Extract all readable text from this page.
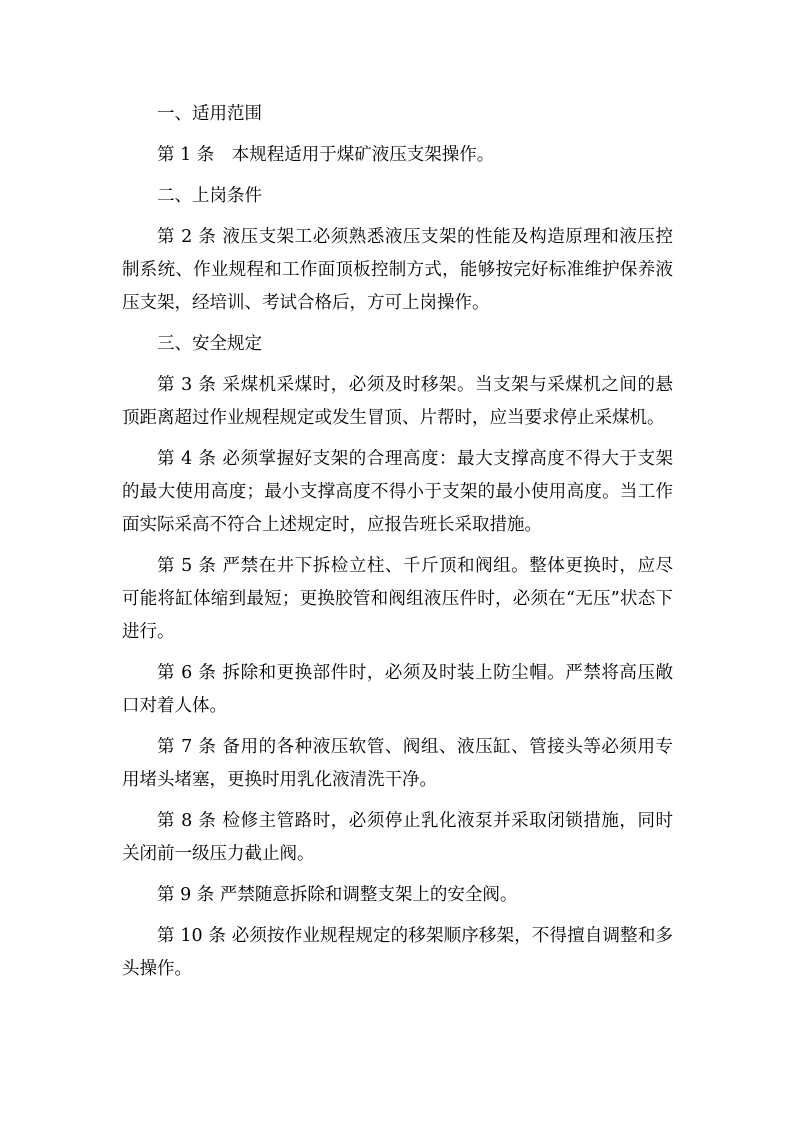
一、适用范围

第 1 条　本规程适用于煤矿液压支架操作。

二、上岗条件

第 2 条 液压支架工必须熟悉液压支架的性能及构造原理和液压控制系统、作业规程和工作面顶板控制方式，能够按完好标准维护保养液压支架，经培训、考试合格后，方可上岗操作。

三、安全规定

第 3 条 采煤机采煤时，必须及时移架。当支架与采煤机之间的悬顶距离超过作业规程规定或发生冒顶、片帮时，应当要求停止采煤机。

第 4 条 必须掌握好支架的合理高度：最大支撑高度不得大于支架的最大使用高度；最小支撑高度不得小于支架的最小使用高度。当工作面实际采高不符合上述规定时，应报告班长采取措施。

第 5 条 严禁在井下拆检立柱、千斤顶和阀组。整体更换时，应尽可能将缸体缩到最短；更换胶管和阀组液压件时，必须在“无压”状态下进行。

第 6 条 拆除和更换部件时，必须及时装上防尘帽。严禁将高压敞口对着人体。

第 7 条 备用的各种液压软管、阀组、液压缸、管接头等必须用专用堵头堵塞，更换时用乳化液清洗干净。

第 8 条 检修主管路时，必须停止乳化液泵并采取闭锁措施，同时关闭前一级压力截止阀。

第 9 条 严禁随意拆除和调整支架上的安全阀。

第 10 条 必须按作业规程规定的移架顺序移架，不得擅自调整和多头操作。
